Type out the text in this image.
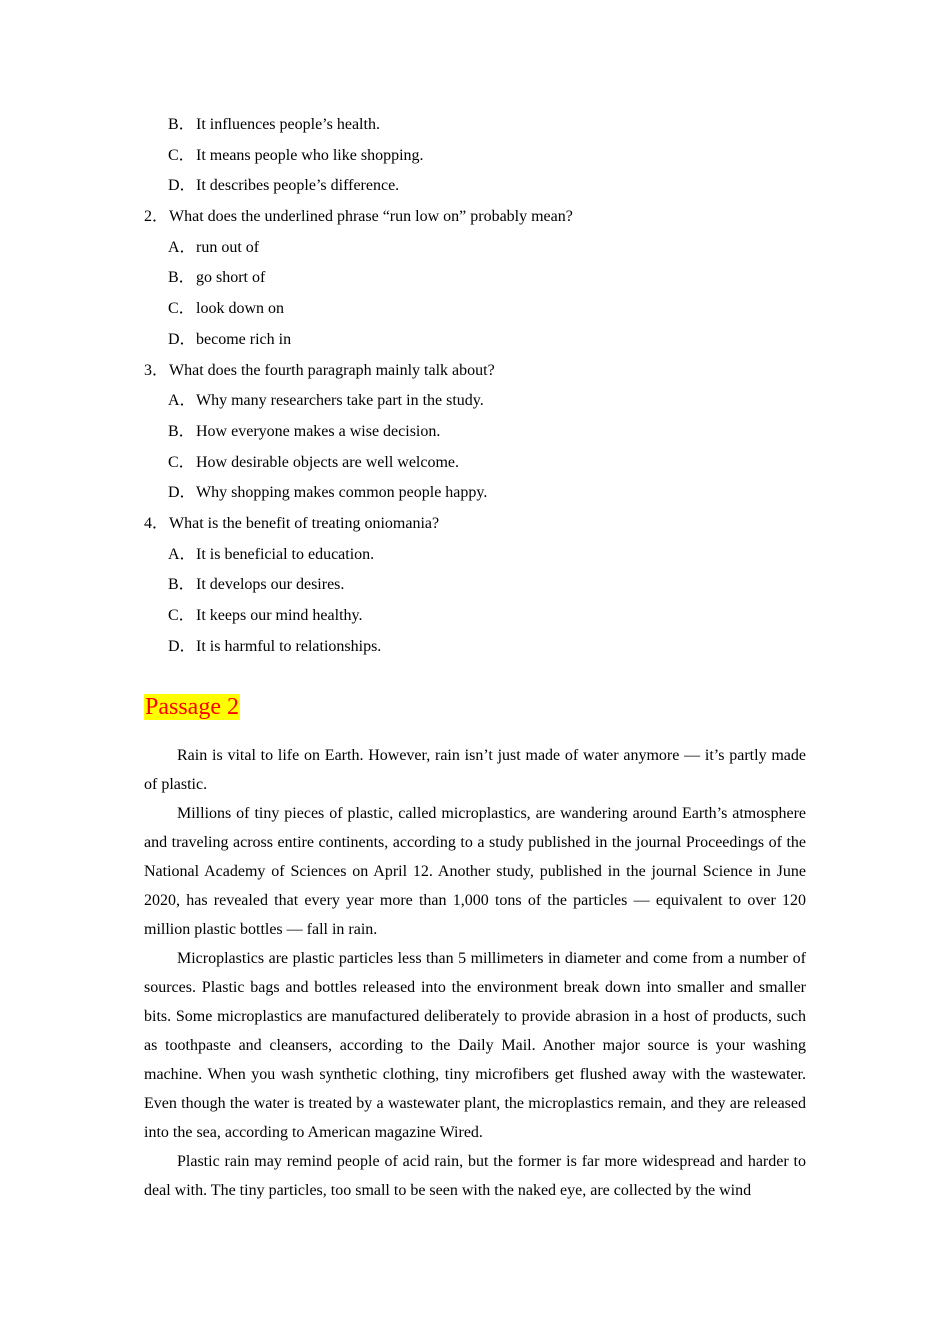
B．It influences people’s health.
C．It means people who like shopping.
D．It describes people’s difference.
2．What does the underlined phrase “run low on” probably mean?
A．run out of
B．go short of
C．look down on
D．become rich in
3．What does the fourth paragraph mainly talk about?
A．Why many researchers take part in the study.
B．How everyone makes a wise decision.
C．How desirable objects are well welcome.
D．Why shopping makes common people happy.
4．What is the benefit of treating oniomania?
A．It is beneficial to education.
B．It develops our desires.
C．It keeps our mind healthy.
D．It is harmful to relationships.
Passage 2

Rain is vital to life on Earth. However, rain isn’t just made of water anymore — it’s partly made of plastic.

Millions of tiny pieces of plastic, called microplastics, are wandering around Earth’s atmosphere and traveling across entire continents, according to a study published in the journal Proceedings of the National Academy of Sciences on April 12. Another study, published in the journal Science in June 2020, has revealed that every year more than 1,000 tons of the particles — equivalent to over 120 million plastic bottles — fall in rain.

Microplastics are plastic particles less than 5 millimeters in diameter and come from a number of sources. Plastic bags and bottles released into the environment break down into smaller and smaller bits. Some microplastics are manufactured deliberately to provide abrasion in a host of products, such as toothpaste and cleansers, according to the Daily Mail. Another major source is your washing machine. When you wash synthetic clothing, tiny microfibers get flushed away with the wastewater. Even though the water is treated by a wastewater plant, the microplastics remain, and they are released into the sea, according to American magazine Wired.

Plastic rain may remind people of acid rain, but the former is far more widespread and harder to deal with. The tiny particles, too small to be seen with the naked eye, are collected by the wind
